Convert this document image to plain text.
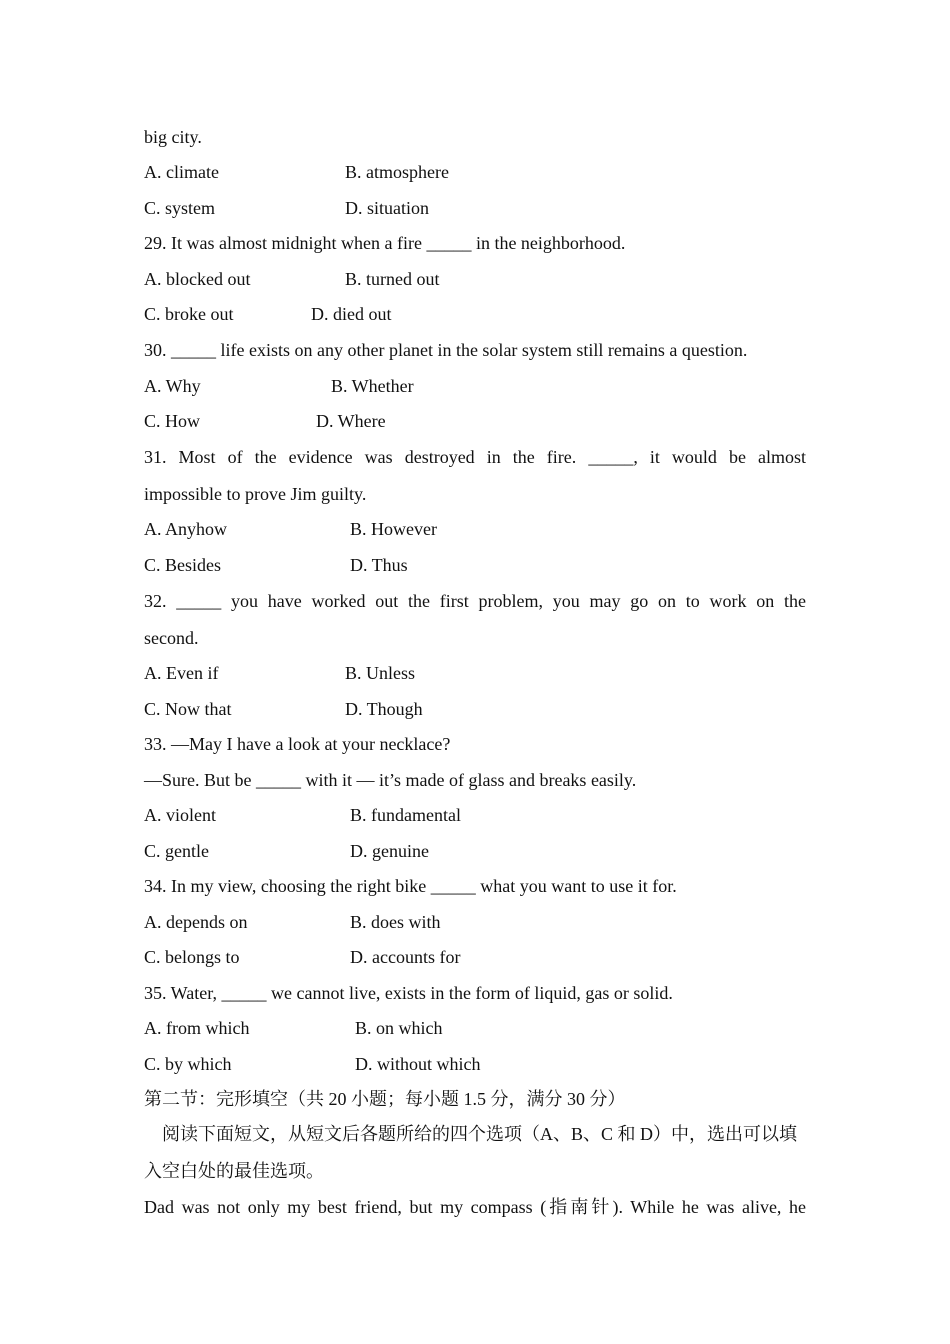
big city.
A. climate	B. atmosphere
C. system	D. situation
29. It was almost midnight when a fire _____ in the neighborhood.
A. blocked out	B. turned out
C. broke out	D. died out
30. _____ life exists on any other planet in the solar system still remains a question.
A. Why	B. Whether
C. How	D. Where
31. Most of the evidence was destroyed in the fire. _____, it would be almost
impossible to prove Jim guilty.
A. Anyhow	B. However
C. Besides	D. Thus
32. _____ you have worked out the first problem, you may go on to work on the
second.
A. Even if	B. Unless
C. Now that	D. Though
33. —May I have a look at your necklace?
—Sure. But be _____ with it — it’s made of glass and breaks easily.
A. violent	B. fundamental
C. gentle	D. genuine
34. In my view, choosing the right bike _____ what you want to use it for.
A. depends on	B. does with
C. belongs to	D. accounts for
35. Water, _____ we cannot live, exists in the form of liquid, gas or solid.
A. from which	B. on which
C. by which	D. without which
第二节：完形填空（共 20 小题；每小题 1.5 分，满分 30 分）
阅读下面短文，从短文后各题所给的四个选项（A、B、C 和 D）中，选出可以填
入空白处的最佳选项。
Dad was not only my best friend, but my compass (指南针). While he was alive, he
